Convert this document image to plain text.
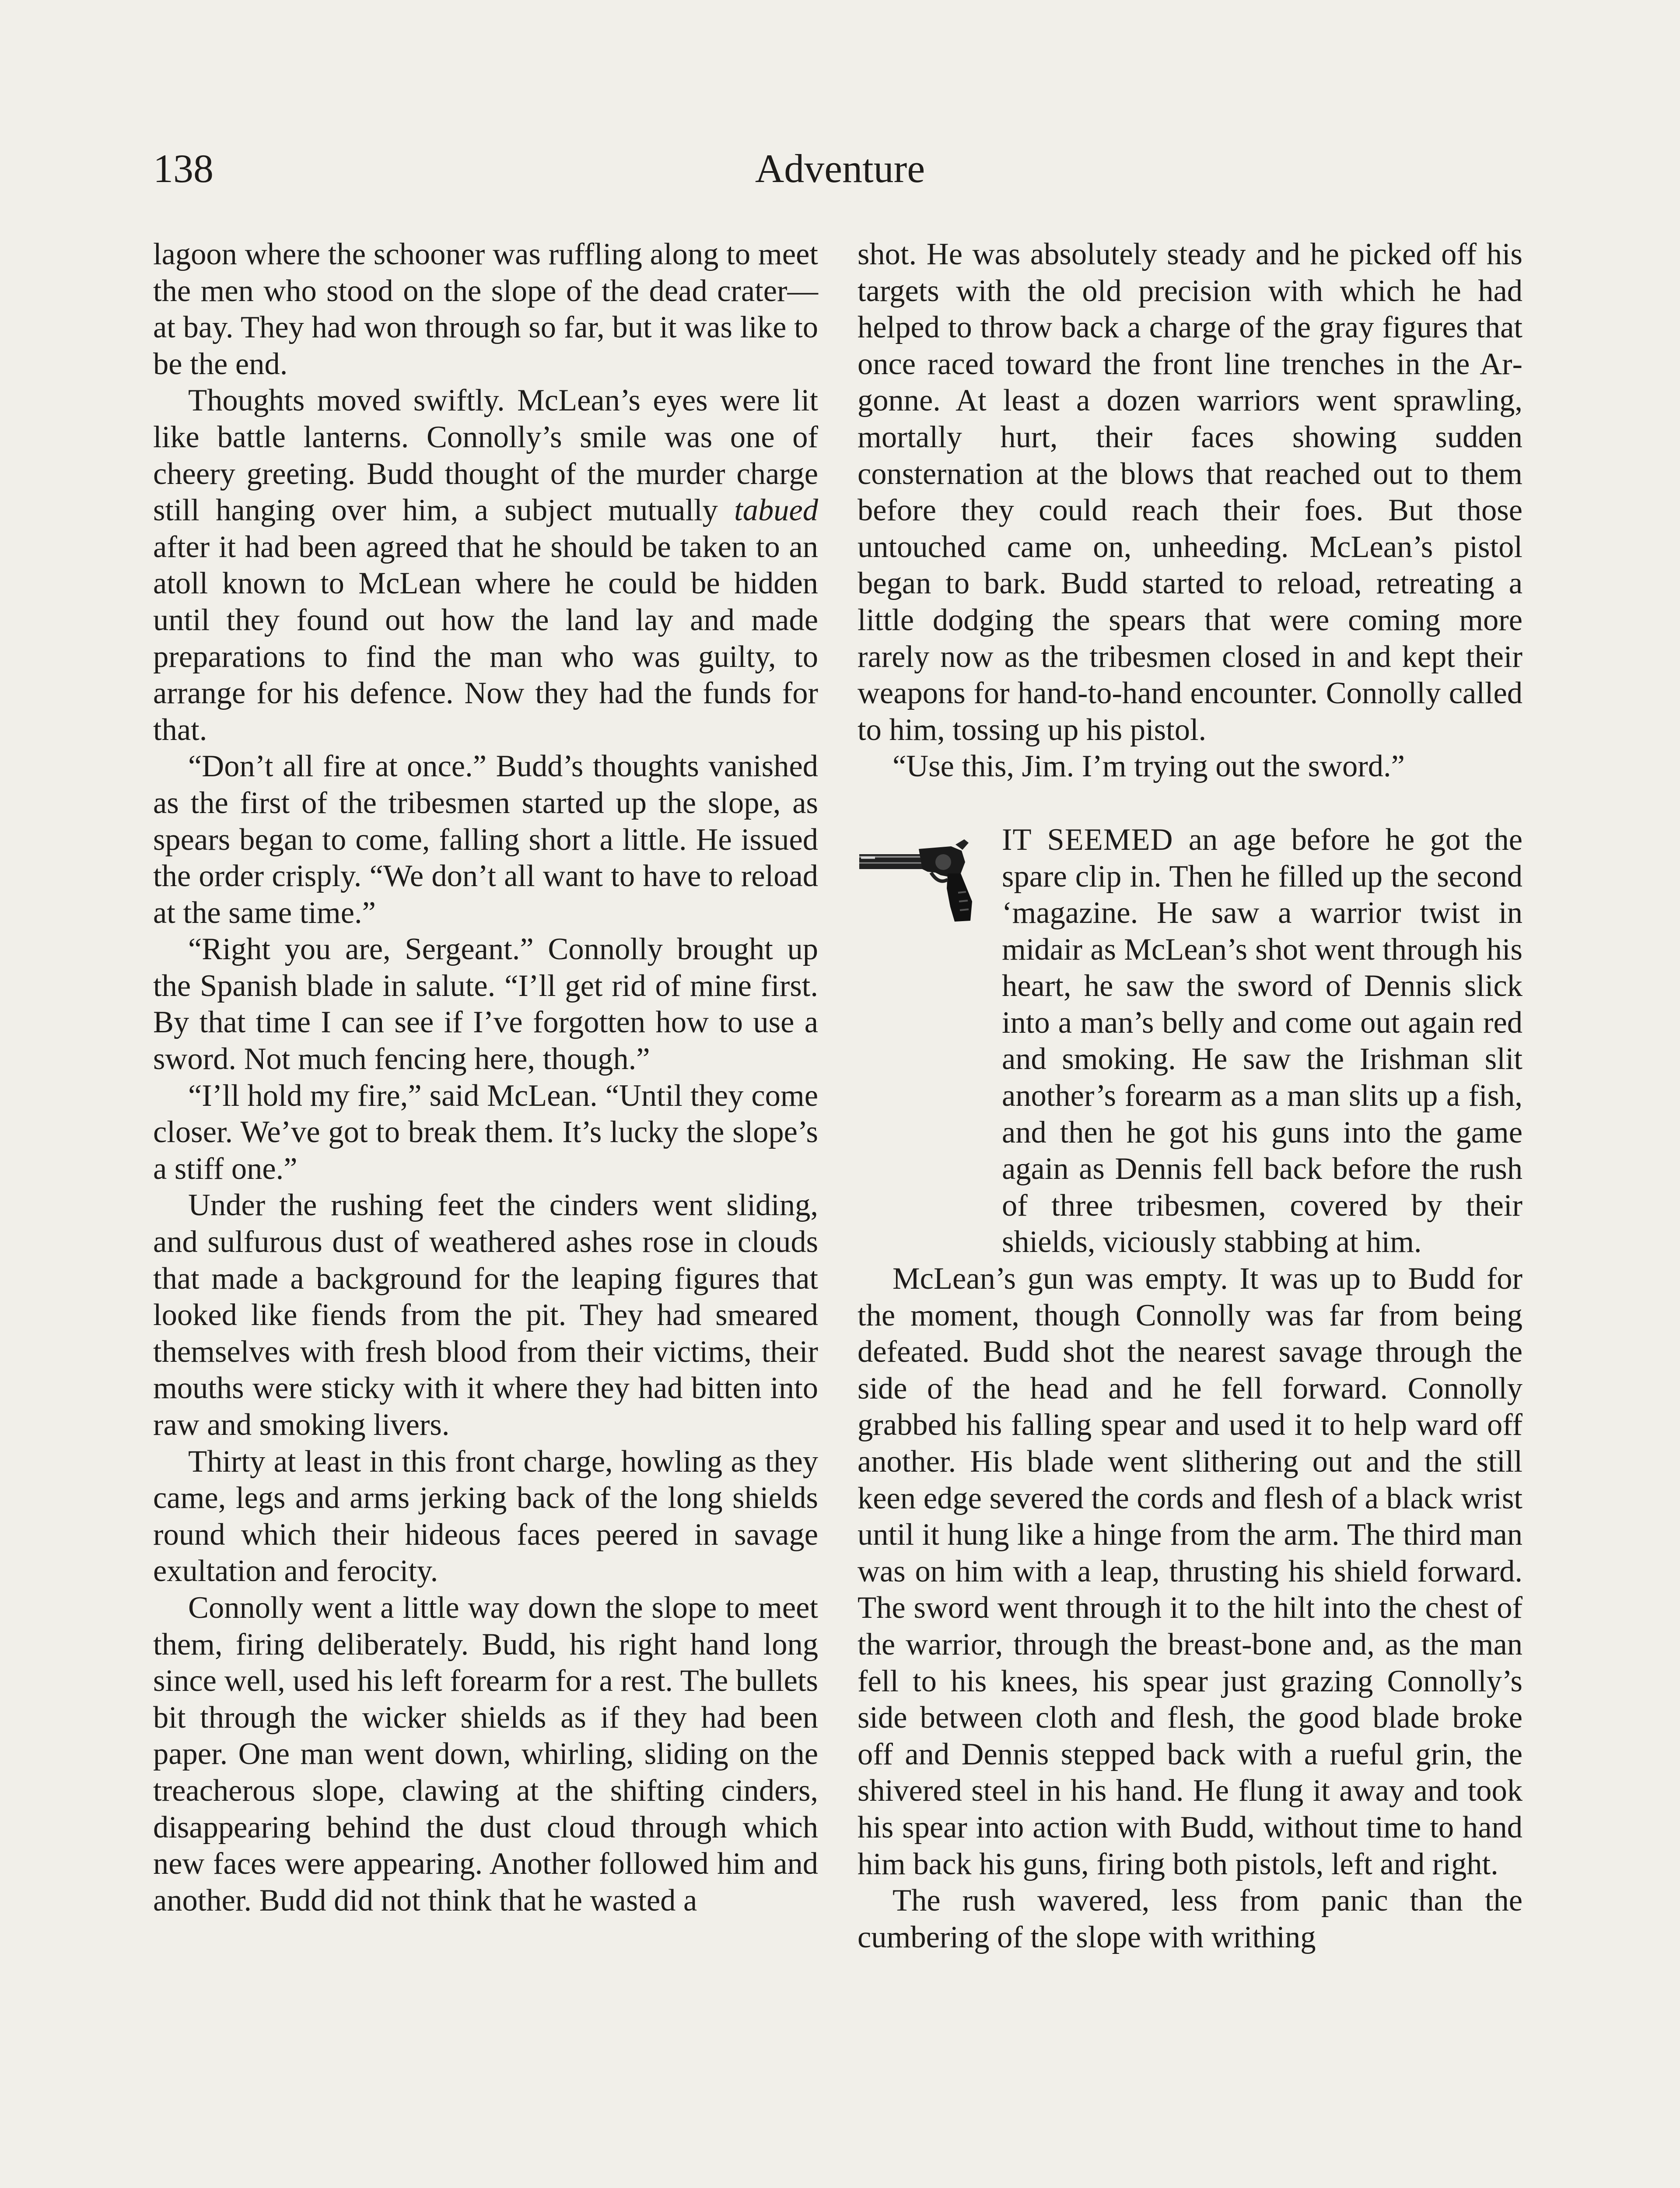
138	Adventure

lagoon where the schooner was ruffling along to meet the men who stood on the slope of the dead crater—at bay. They had won through so far, but it was like to be the end.

Thoughts moved swiftly. McLean’s eyes were lit like battle lanterns. Connolly’s smile was one of cheery greeting. Budd thought of the murder charge still hanging over him, a subject mutually tabued after it had been agreed that he should be taken to an atoll known to McLean where he could be hidden until they found out how the land lay and made preparations to find the man who was guilty, to arrange for his defence. Now they had the funds for that.

“Don’t all fire at once.” Budd’s thoughts vanished as the first of the tribesmen started up the slope, as spears began to come, falling short a little. He issued the order crisply. “We don’t all want to have to reload at the same time.”

“Right you are, Sergeant.” Connolly brought up the Spanish blade in salute. “I’ll get rid of mine first. By that time I can see if I’ve forgotten how to use a sword. Not much fencing here, though.”

“I’ll hold my fire,” said McLean. “Until they come closer. We’ve got to break them. It’s lucky the slope’s a stiff one.”

Under the rushing feet the cinders went sliding, and sulfurous dust of weathered ashes rose in clouds that made a background for the leaping figures that looked like fiends from the pit. They had smeared themselves with fresh blood from their victims, their mouths were sticky with it where they had bitten into raw and smoking livers.

Thirty at least in this front charge, howling as they came, legs and arms jerking back of the long shields round which their hideous faces peered in savage exultation and ferocity.

Connolly went a little way down the slope to meet them, firing deliberately. Budd, his right hand long since well, used his left forearm for a rest. The bullets bit through the wicker shields as if they had been paper. One man went down, whirling, sliding on the treacherous slope, clawing at the shifting cinders, disappearing behind the dust cloud through which new faces were appearing. Another followed him and another. Budd did not think that he wasted a

shot. He was absolutely steady and he picked off his targets with the old precision with which he had helped to throw back a charge of the gray figures that once raced toward the front line trenches in the Argonne. At least a dozen warriors went sprawling, mortally hurt, their faces showing sudden consternation at the blows that reached out to them before they could reach their foes. But those untouched came on, unheeding. McLean’s pistol began to bark. Budd started to reload, retreating a little dodging the spears that were coming more rarely now as the tribesmen closed in and kept their weapons for hand-to-hand encounter. Connolly called to him, tossing up his pistol.

“Use this, Jim. I’m trying out the sword.”

IT SEEMED an age before he got the spare clip in. Then he filled up the second ‘magazine. He saw a warrior twist in midair as McLean’s shot went through his heart, he saw the sword of Dennis slick into a man’s belly and come out again red and smoking. He saw the Irishman slit another’s forearm as a man slits up a fish, and then he got his guns into the game again as Dennis fell back before the rush of three tribesmen, covered by their shields, viciously stabbing at him.

McLean’s gun was empty. It was up to Budd for the moment, though Connolly was far from being defeated. Budd shot the nearest savage through the side of the head and he fell forward. Connolly grabbed his falling spear and used it to help ward off another. His blade went slithering out and the still keen edge severed the cords and flesh of a black wrist until it hung like a hinge from the arm. The third man was on him with a leap, thrusting his shield forward. The sword went through it to the hilt into the chest of the warrior, through the breast-bone and, as the man fell to his knees, his spear just grazing Connolly’s side between cloth and flesh, the good blade broke off and Dennis stepped back with a rueful grin, the shivered steel in his hand. He flung it away and took his spear into action with Budd, without time to hand him back his guns, firing both pistols, left and right.

The rush wavered, less from panic than the cumbering of the slope with writhing
